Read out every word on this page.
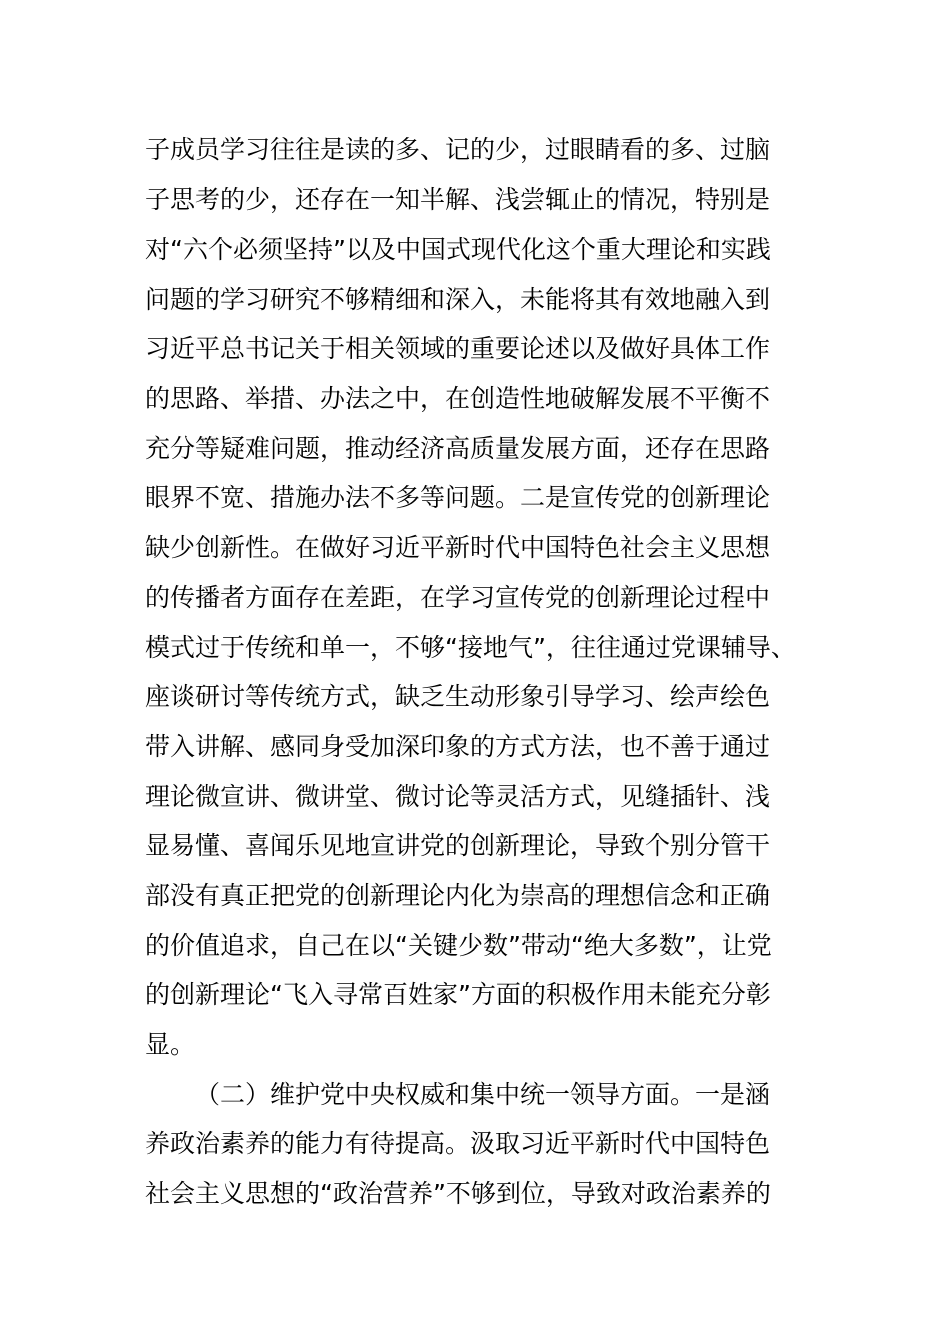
子成员学习往往是读的多、记的少，过眼睛看的多、过脑
子思考的少，还存在一知半解、浅尝辄止的情况，特别是
对“六个必须坚持”以及中国式现代化这个重大理论和实践
问题的学习研究不够精细和深入，未能将其有效地融入到
习近平总书记关于相关领域的重要论述以及做好具体工作
的思路、举措、办法之中，在创造性地破解发展不平衡不
充分等疑难问题，推动经济高质量发展方面，还存在思路
眼界不宽、措施办法不多等问题。二是宣传党的创新理论
缺少创新性。在做好习近平新时代中国特色社会主义思想
的传播者方面存在差距，在学习宣传党的创新理论过程中
模式过于传统和单一，不够“接地气”，往往通过党课辅导、
座谈研讨等传统方式，缺乏生动形象引导学习、绘声绘色
带入讲解、感同身受加深印象的方式方法，也不善于通过
理论微宣讲、微讲堂、微讨论等灵活方式，见缝插针、浅
显易懂、喜闻乐见地宣讲党的创新理论，导致个别分管干
部没有真正把党的创新理论内化为崇高的理想信念和正确
的价值追求，自己在以“关键少数”带动“绝大多数”，让党
的创新理论“飞入寻常百姓家”方面的积极作用未能充分彰
显。
（二）维护党中央权威和集中统一领导方面。一是涵
养政治素养的能力有待提高。汲取习近平新时代中国特色
社会主义思想的“政治营养”不够到位，导致对政治素养的
